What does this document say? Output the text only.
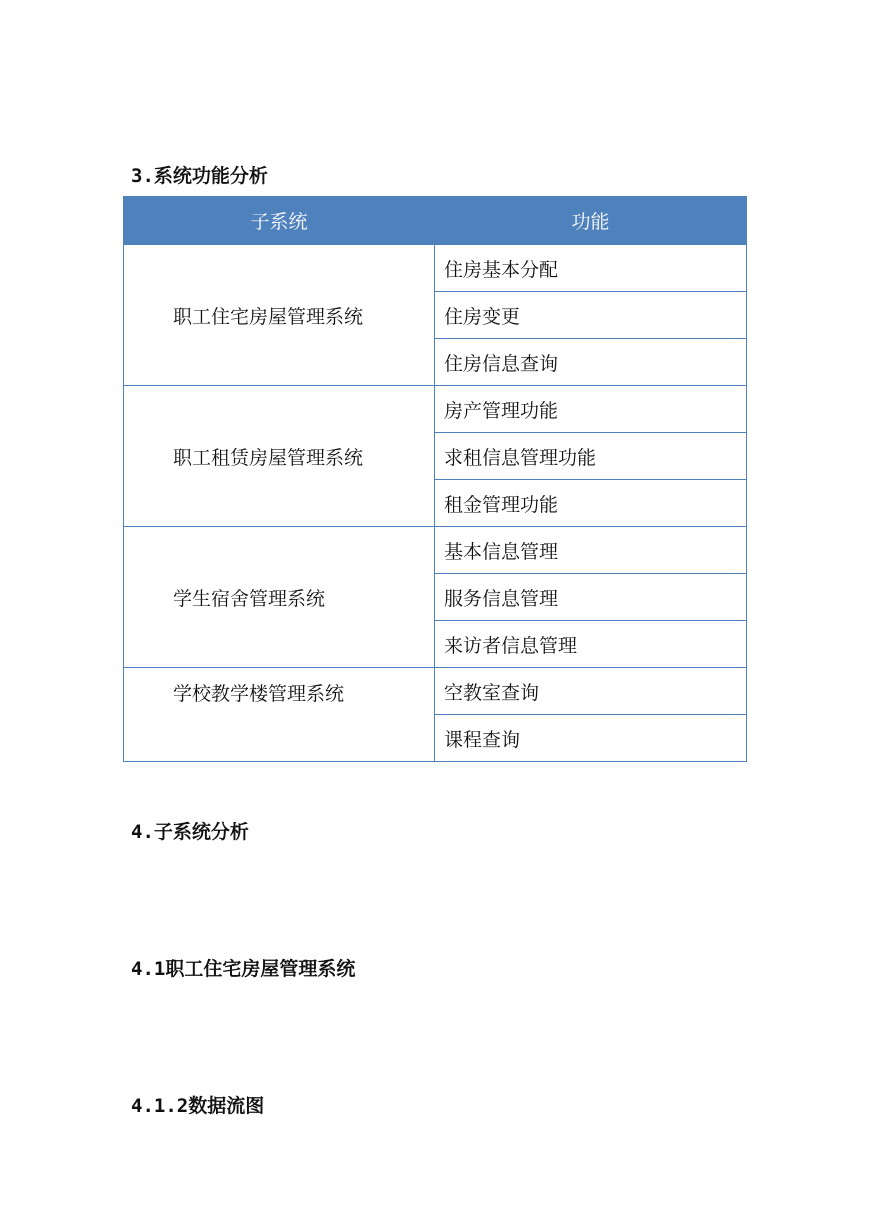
3.系统功能分析
子系统	功能
职工住宅房屋管理系统	住房基本分配
	住房变更
	住房信息查询
职工租赁房屋管理系统	房产管理功能
	求租信息管理功能
	租金管理功能
学生宿舍管理系统	基本信息管理
	服务信息管理
	来访者信息管理
学校教学楼管理系统	空教室查询
	课程查询
4.子系统分析
4.1职工住宅房屋管理系统
4.1.2数据流图
